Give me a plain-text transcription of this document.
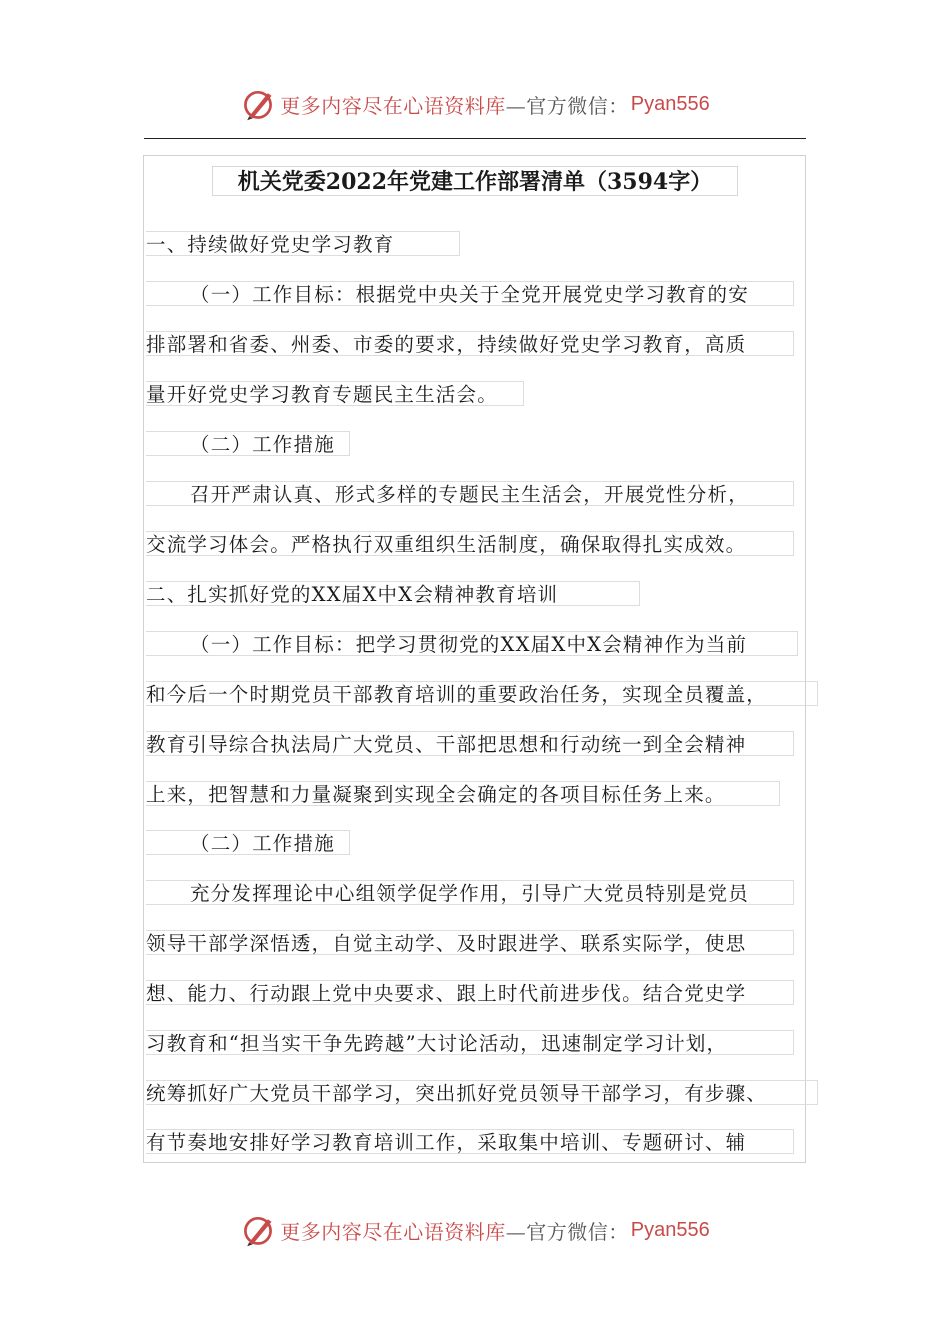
更多内容尽在心语资料库—官方微信： Pyan556
机关党委2022年党建工作部署清单（3594字）
一、持续做好党史学习教育
（一）工作目标：根据党中央关于全党开展党史学习教育的安
排部署和省委、州委、市委的要求，持续做好党史学习教育，高质
量开好党史学习教育专题民主生活会。
（二）工作措施
召开严肃认真、形式多样的专题民主生活会，开展党性分析，
交流学习体会。严格执行双重组织生活制度，确保取得扎实成效。
二、扎实抓好党的XX届X中X会精神教育培训
（一）工作目标：把学习贯彻党的XX届X中X会精神作为当前
和今后一个时期党员干部教育培训的重要政治任务，实现全员覆盖，
教育引导综合执法局广大党员、干部把思想和行动统一到全会精神
上来，把智慧和力量凝聚到实现全会确定的各项目标任务上来。
（二）工作措施
充分发挥理论中心组领学促学作用，引导广大党员特别是党员
领导干部学深悟透，自觉主动学、及时跟进学、联系实际学，使思
想、能力、行动跟上党中央要求、跟上时代前进步伐。结合党史学
习教育和“担当实干争先跨越”大讨论活动，迅速制定学习计划，
统筹抓好广大党员干部学习，突出抓好党员领导干部学习，有步骤、
有节奏地安排好学习教育培训工作，采取集中培训、专题研讨、辅
更多内容尽在心语资料库—官方微信： Pyan556
